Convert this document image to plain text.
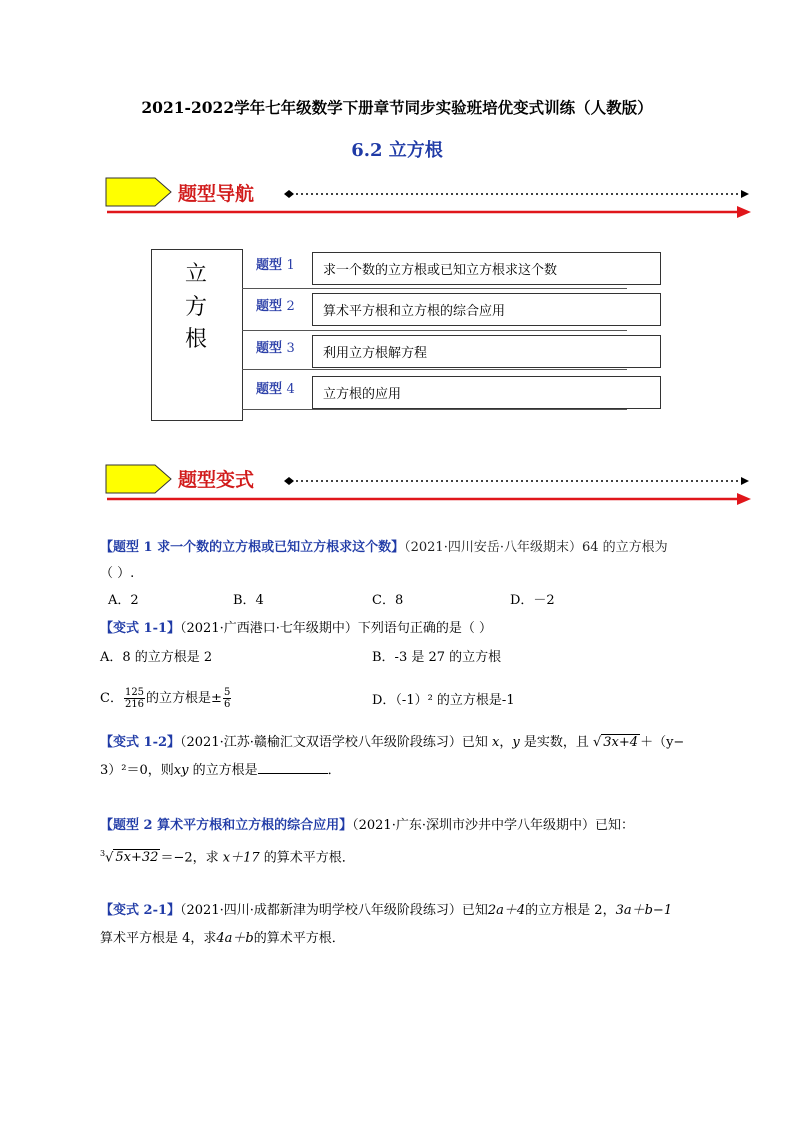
2021-2022学年七年级数学下册章节同步实验班培优变式训练（人教版）
6.2 立方根
题型导航
立
方
根
题型 1	求一个数的立方根或已知立方根求这个数
题型 2	算术平方根和立方根的综合应用
题型 3	利用立方根解方程
题型 4	立方根的应用
题型变式
【题型 1 求一个数的立方根或已知立方根求这个数】（2021·四川安岳·八年级期末）64 的立方根为
（ ）.
A．2	B．4	C．8	D．－2
【变式 1-1】（2021·广西港口·七年级期中）下列语句正确的是（ ）
A．8 的立方根是 2	B．-3 是 27 的立方根
C． $\frac{125}{216}$ 的立方根是± $\frac{5}{6}$	D．（-1）² 的立方根是-1
【变式 1-2】（2021·江苏·赣榆汇文双语学校八年级阶段练习）已知 x，y 是实数，且 √ 3x+4 ＋（y−
3）²＝0，则xy 的立方根是	．
【题型 2 算术平方根和立方根的综合应用】（2021·广东·深圳市沙井中学八年级期中）已知：
$^3$√ 5x+32 ＝−2，求 x＋17 的算术平方根．
【变式 2-1】（2021·四川·成都新津为明学校八年级阶段练习）已知2a＋4的立方根是 2，3a＋b−1
算术平方根是 4，求4a＋b的算术平方根．
